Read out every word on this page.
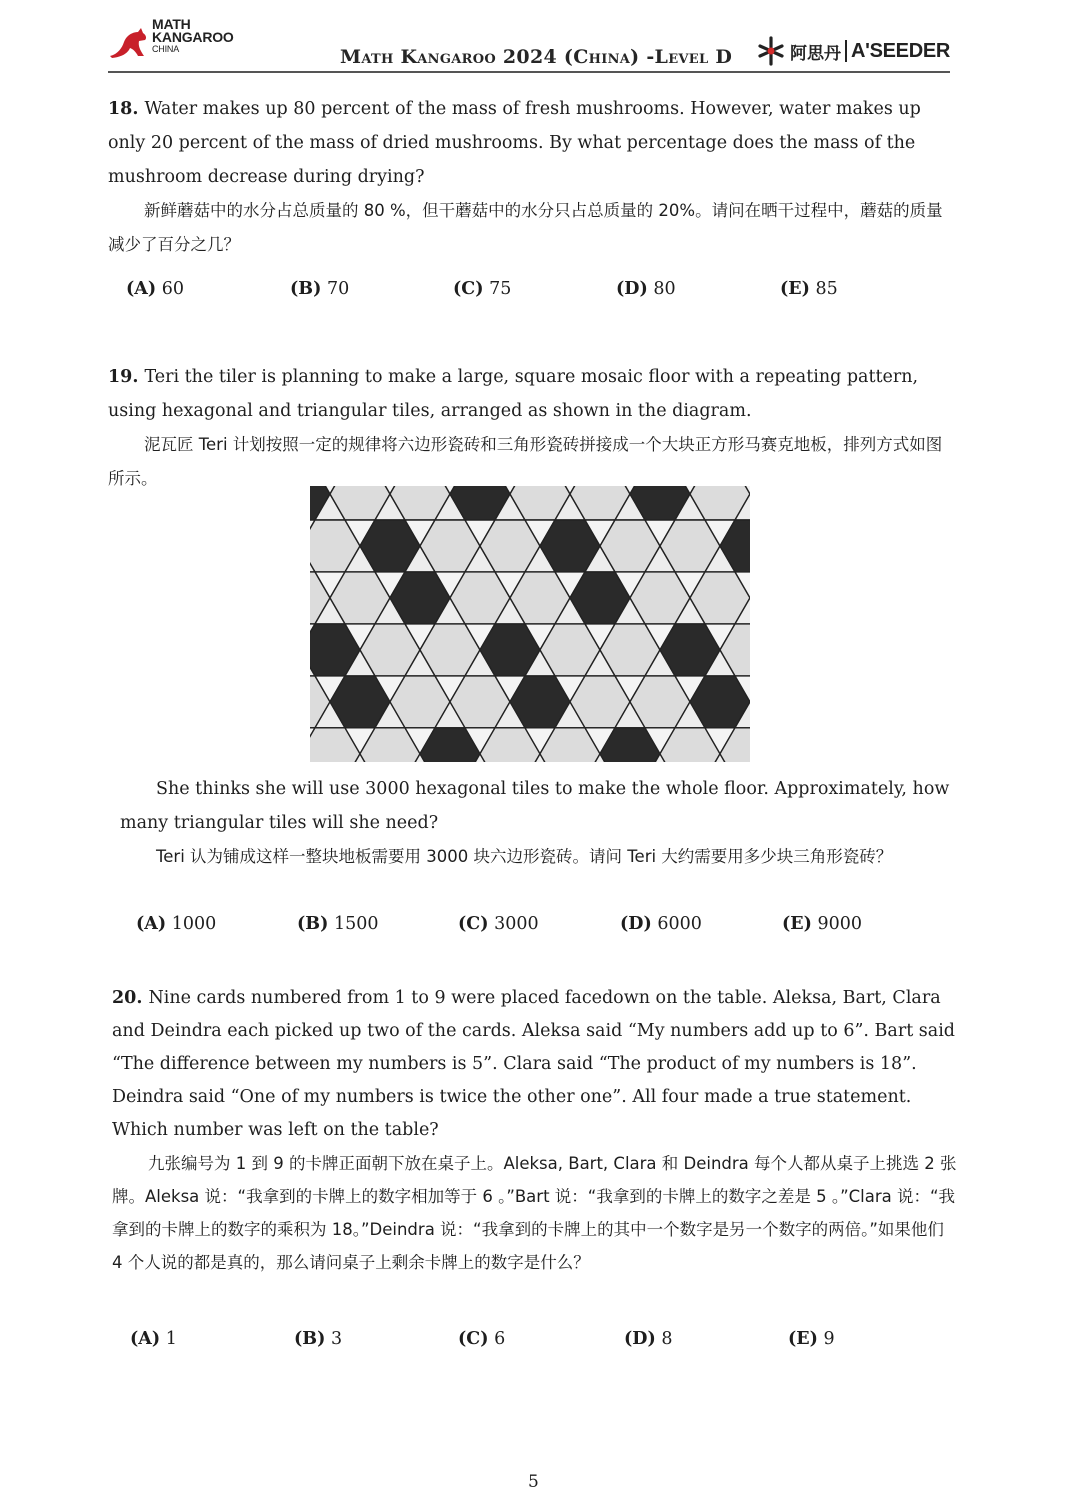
MATH
KANGAROO
CHINA	Math Kangaroo 2024 (China) -Level D	阿思丹 A'SEEDER

18. Water makes up 80 percent of the mass of fresh mushrooms. However, water makes up only 20 percent of the mass of dried mushrooms. By what percentage does the mass of the mushroom decrease during drying?

新鲜蘑菇中的水分占总质量的 80 %，但干蘑菇中的水分只占总质量的 20%。请问在晒干过程中，蘑菇的质量减少了百分之几？

(A) 60	(B) 70	(C) 75	(D) 80	(E) 85

19. Teri the tiler is planning to make a large, square mosaic floor with a repeating pattern, using hexagonal and triangular tiles, arranged as shown in the diagram.

泥瓦匠 Teri 计划按照一定的规律将六边形瓷砖和三角形瓷砖拼接成一个大块正方形马赛克地板，排列方式如图所示。

She thinks she will use 3000 hexagonal tiles to make the whole floor. Approximately, how many triangular tiles will she need?

Teri 认为铺成这样一整块地板需要用 3000 块六边形瓷砖。请问 Teri 大约需要用多少块三角形瓷砖？

(A) 1000	(B) 1500	(C) 3000	(D) 6000	(E) 9000

20. Nine cards numbered from 1 to 9 were placed facedown on the table. Aleksa, Bart, Clara and Deindra each picked up two of the cards. Aleksa said “My numbers add up to 6”. Bart said “The difference between my numbers is 5”. Clara said “The product of my numbers is 18”. Deindra said “One of my numbers is twice the other one”. All four made a true statement. Which number was left on the table?

九张编号为 1 到 9 的卡牌正面朝下放在桌子上。Aleksa, Bart, Clara 和 Deindra 每个人都从桌子上挑选 2 张牌。Aleksa 说：“我拿到的卡牌上的数字相加等于 6 。”Bart 说：“我拿到的卡牌上的数字之差是 5 。”Clara 说：“我拿到的卡牌上的数字的乘积为 18。”Deindra 说：“我拿到的卡牌上的其中一个数字是另一个数字的两倍。”如果他们 4 个人说的都是真的，那么请问桌子上剩余卡牌上的数字是什么？

(A) 1	(B) 3	(C) 6	(D) 8	(E) 9
5
